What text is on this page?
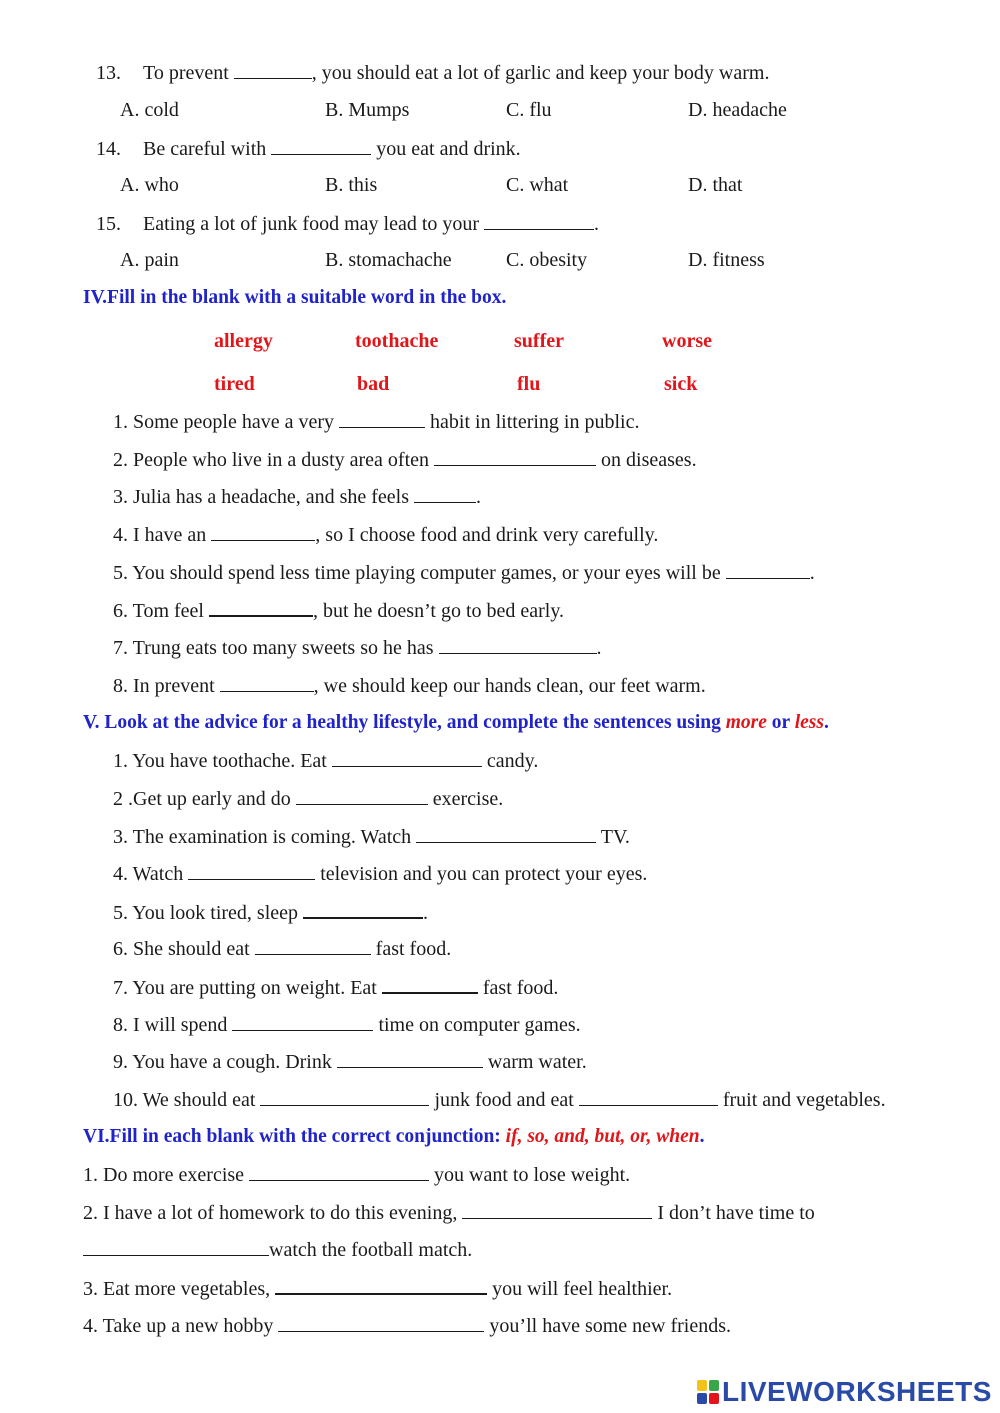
13. To prevent	, you should eat a lot of garlic and keep your body warm.
A. cold	B. Mumps	C. flu	D. headache
14. Be careful with	you eat and drink.
A. who	B. this	C. what	D. that
15. Eating a lot of junk food may lead to your	.
A. pain	B. stomachache	C. obesity	D. fitness
IV.Fill in the blank with a suitable word in the box.
allergy	toothache	suffer	worse
tired	bad	flu	sick
1. Some people have a very	habit in littering in public.
2. People who live in a dusty area often	on diseases.
3. Julia has a headache, and she feels	.
4. I have an	, so I choose food and drink very carefully.
5. You should spend less time playing computer games, or your eyes will be	.
6. Tom feel	, but he doesn’t go to bed early.
7. Trung eats too many sweets so he has	.
8. In prevent	, we should keep our hands clean, our feet warm.
V. Look at the advice for a healthy lifestyle, and complete the sentences using more or less.
1. You have toothache. Eat	candy.
2 .Get up early and do	exercise.
3. The examination is coming. Watch	TV.
4. Watch	television and you can protect your eyes.
5. You look tired, sleep	.
6. She should eat	fast food.
7. You are putting on weight. Eat	fast food.
8. I will spend	time on computer games.
9. You have a cough. Drink	warm water.
10. We should eat	junk food and eat	fruit and vegetables.
VI.Fill in each blank with the correct conjunction: if, so, and, but, or, when.
1. Do more exercise	you want to lose weight.
2. I have a lot of homework to do this evening,	I don’t have time to
watch the football match.
3. Eat more vegetables,	you will feel healthier.
4. Take up a new hobby	you’ll have some new friends.
LIVEWORKSHEETS
